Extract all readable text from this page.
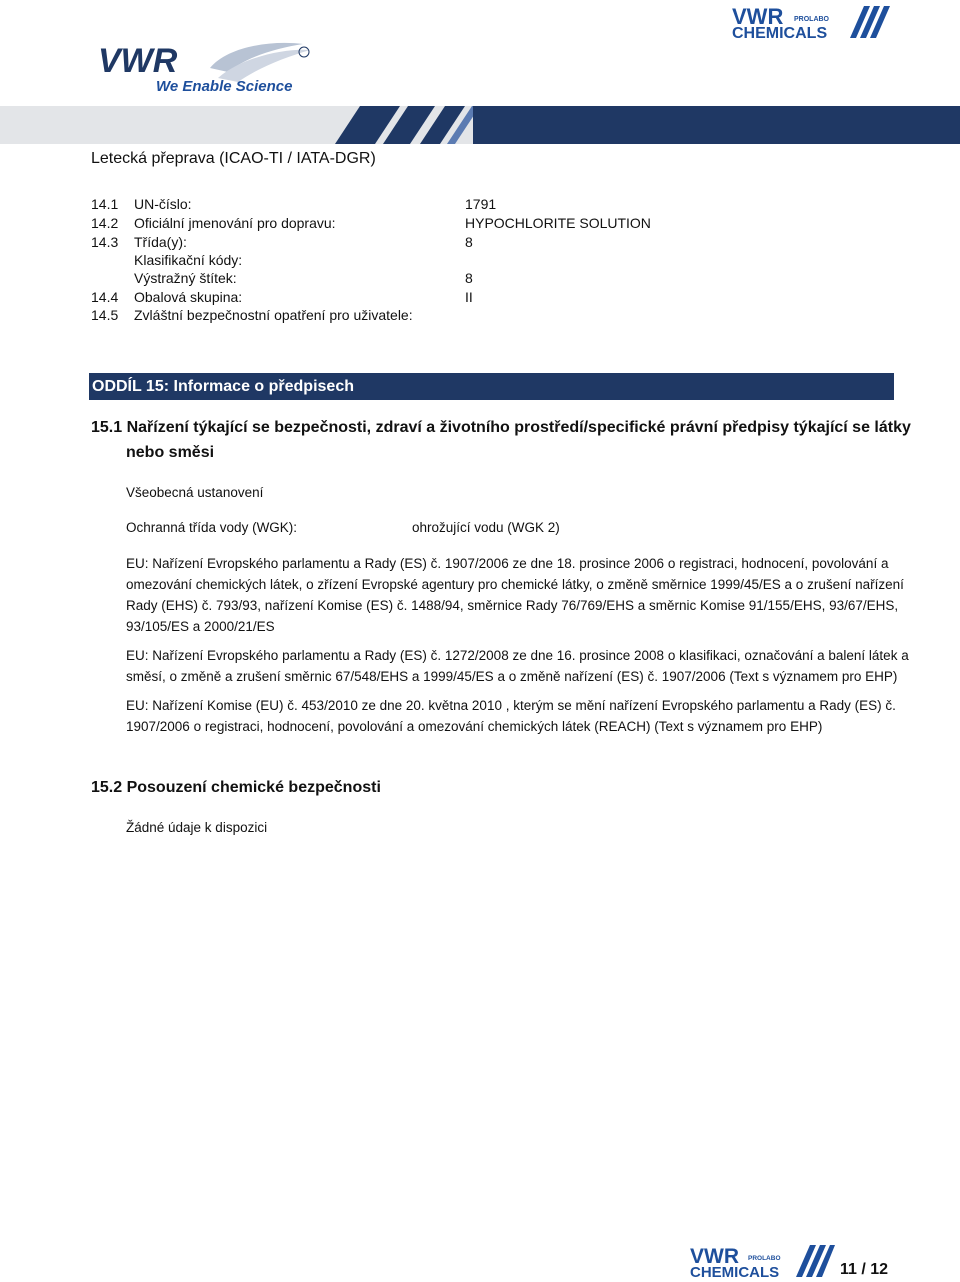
VWR
We Enable Science
VWR PROLABO
CHEMICALS
Letecká přeprava (ICAO-TI / IATA-DGR)
14.1 UN-číslo:	1791
14.2 Oficiální jmenování pro dopravu:	HYPOCHLORITE SOLUTION
14.3 Třída(y):	8
Klasifikační kódy:
Výstražný štítek:	8
14.4 Obalová skupina:	II
14.5 Zvláštní bezpečnostní opatření pro uživatele:
ODDÍL 15: Informace o předpisech
15.1 Nařízení týkající se bezpečnosti, zdraví a životního prostředí/specifické právní předpisy týkající se látky
nebo směsi
Všeobecná ustanovení
Ochranná třída vody (WGK):	ohrožující vodu (WGK 2)
EU: Nařízení Evropského parlamentu a Rady (ES) č. 1907/2006 ze dne 18. prosince 2006 o registraci, hodnocení, povolování a
omezování chemických látek, o zřízení Evropské agentury pro chemické látky, o změně směrnice 1999/45/ES a o zrušení nařízení
Rady (EHS) č. 793/93, nařízení Komise (ES) č. 1488/94, směrnice Rady 76/769/EHS a směrnic Komise 91/155/EHS, 93/67/EHS,
93/105/ES a 2000/21/ES
EU: Nařízení Evropského parlamentu a Rady (ES) č. 1272/2008 ze dne 16. prosince 2008 o klasifikaci, označování a balení látek a
směsí, o změně a zrušení směrnic 67/548/EHS a 1999/45/ES a o změně nařízení (ES) č. 1907/2006 (Text s významem pro EHP)
EU: Nařízení Komise (EU) č. 453/2010 ze dne 20. května 2010 , kterým se mění nařízení Evropského parlamentu a Rady (ES) č.
1907/2006 o registraci, hodnocení, povolování a omezování chemických látek (REACH) (Text s významem pro EHP)
15.2 Posouzení chemické bezpečnosti
Žádné údaje k dispozici
VWR PROLABO
CHEMICALS	11 / 12
